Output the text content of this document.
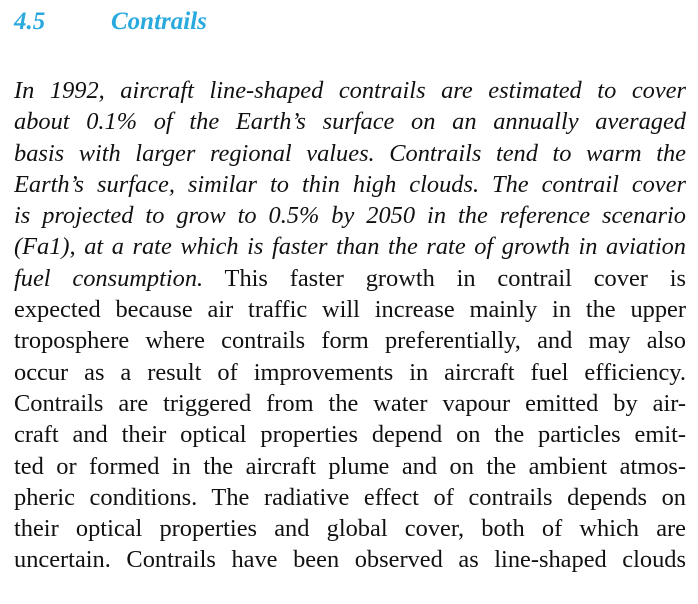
4.5	Contrails
In 1992, aircraft line-shaped contrails are estimated to cover
about 0.1% of the Earth’s surface on an annually averaged
basis with larger regional values. Contrails tend to warm the
Earth’s surface, similar to thin high clouds. The contrail cover
is projected to grow to 0.5% by 2050 in the reference scenario
(Fa1), at a rate which is faster than the rate of growth in aviation
fuel consumption. This faster growth in contrail cover is
expected because air traffic will increase mainly in the upper
troposphere where contrails form preferentially, and may also
occur as a result of improvements in aircraft fuel efficiency.
Contrails are triggered from the water vapour emitted by air-
craft and their optical properties depend on the particles emit-
ted or formed in the aircraft plume and on the ambient atmos-
pheric conditions. The radiative effect of contrails depends on
their optical properties and global cover, both of which are
uncertain. Contrails have been observed as line-shaped clouds
